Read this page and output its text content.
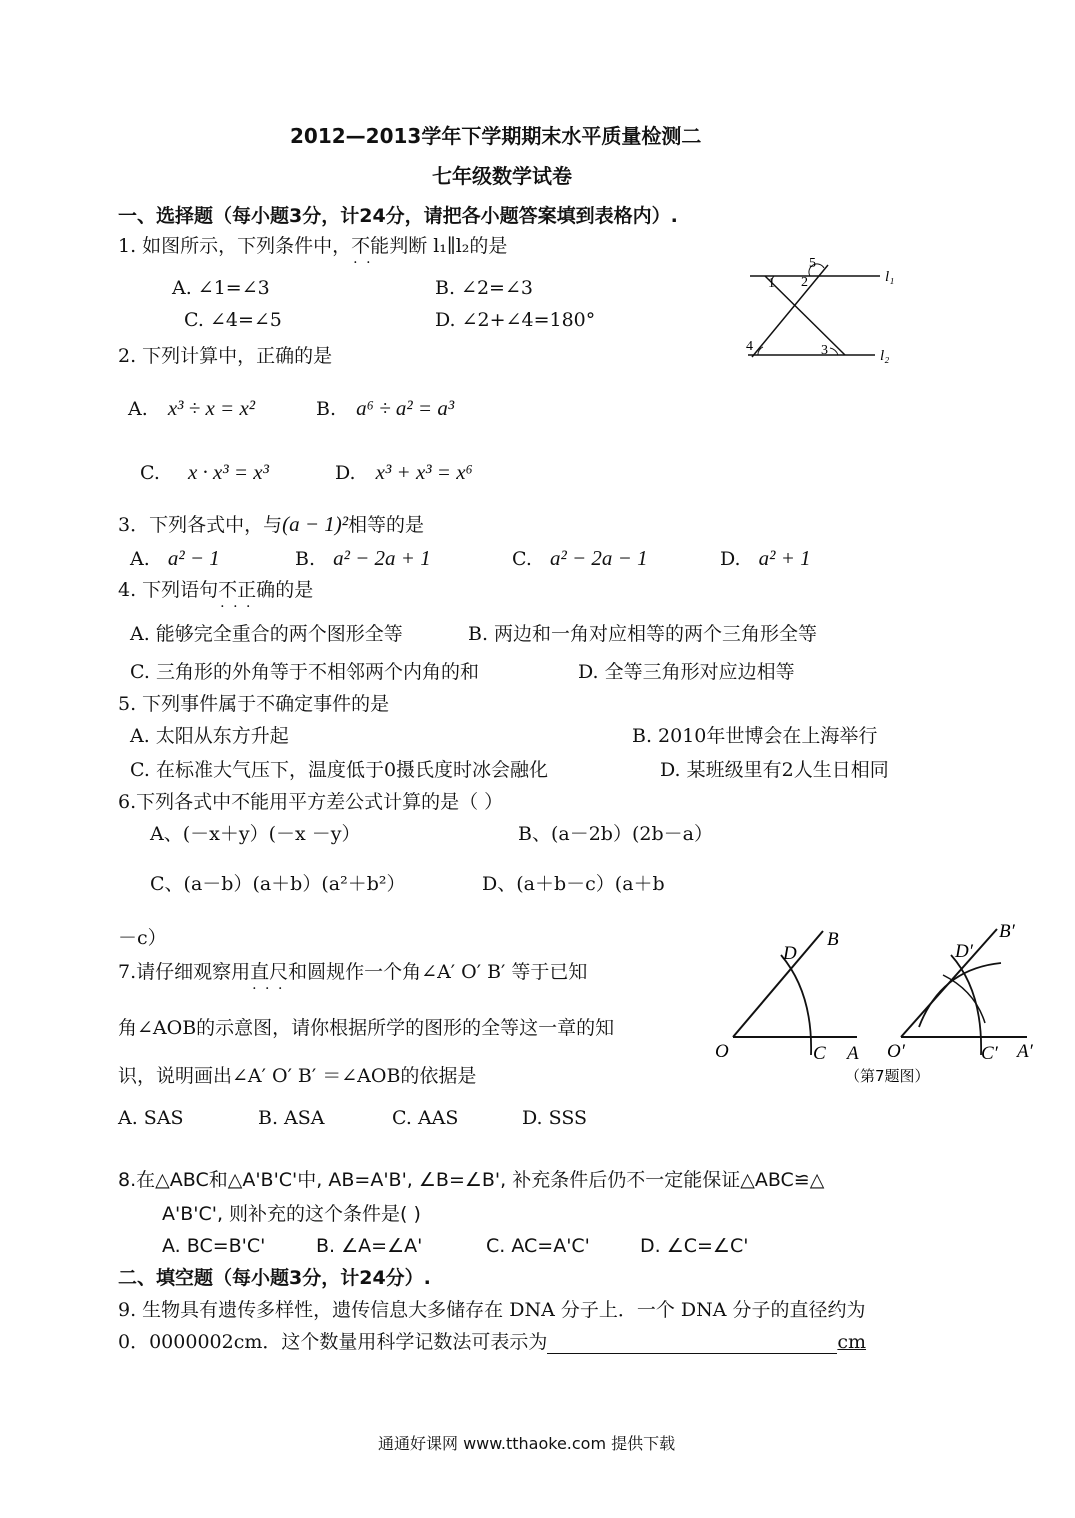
2012—2013学年下学期期末水平质量检测二
七年级数学试卷
一、选择题（每小题3分，计24分，请把各小题答案填到表格内）.
1. 如图所示，下列条件中，不能 · ·判断 l₁∥l₂的是
A. ∠1=∠3	B. ∠2=∠3
C. ∠4=∠5	D. ∠2+∠4=180°
5
1 2	l₁
4	3	l₂
2. 下列计算中，正确的是
A. x³ ÷ x = x²	B. a⁶ ÷ a² = a³
C. x · x³ = x³	D. x³ + x³ = x⁶
3．下列各式中，与(a − 1)²相等的是
A. a² − 1	B. a² − 2a + 1	C. a² − 2a − 1	D. a² + 1
4. 下列语句不正确 · · ·的是
A. 能够完全重合的两个图形全等	B. 两边和一角对应相等的两个三角形全等
C. 三角形的外角等于不相邻两个内角的和	D. 全等三角形对应边相等
5. 下列事件属于不确定事件的是
A. 太阳从东方升起	B. 2010年世博会在上海举行
C. 在标准大气压下，温度低于0摄氏度时冰会融化	D. 某班级里有2人生日相同
6.下列各式中不能用平方差公式计算的是（ ）
A、(－x＋y）(－x －y）	B、(a－2b）(2b－a）
C、(a－b）(a＋b）(a²＋b²）	D、(a＋b－c）(a＋b
－c）
7.请仔细观察用直尺和圆规 · · ·作一个角∠A′ O′ B′ 等于已知
角∠AOB的示意图，请你根据所学的图形的全等这一章的知
识，说明画出∠A′ O′ B′ ＝∠AOB的依据是
A. SAS	B. ASA	C. AAS	D. SSS
D
B
O	C A
D′
B′
O′	C′ A′
（第7题图）
8.在△ABC和△A'B'C'中, AB=A'B', ∠B=∠B', 补充条件后仍不一定能保证△ABC≌△
A'B'C', 则补充的这个条件是( )
A. BC=B'C'	B. ∠A=∠A'	C. AC=A'C'	D. ∠C=∠C'
二、填空题（每小题3分，计24分）.
9. 生物具有遗传多样性，遗传信息大多储存在 DNA 分子上．一个 DNA 分子的直径约为
0．0000002cm．这个数量用科学记数法可表示为	cm
通通好课网 www.tthaoke.com 提供下载
